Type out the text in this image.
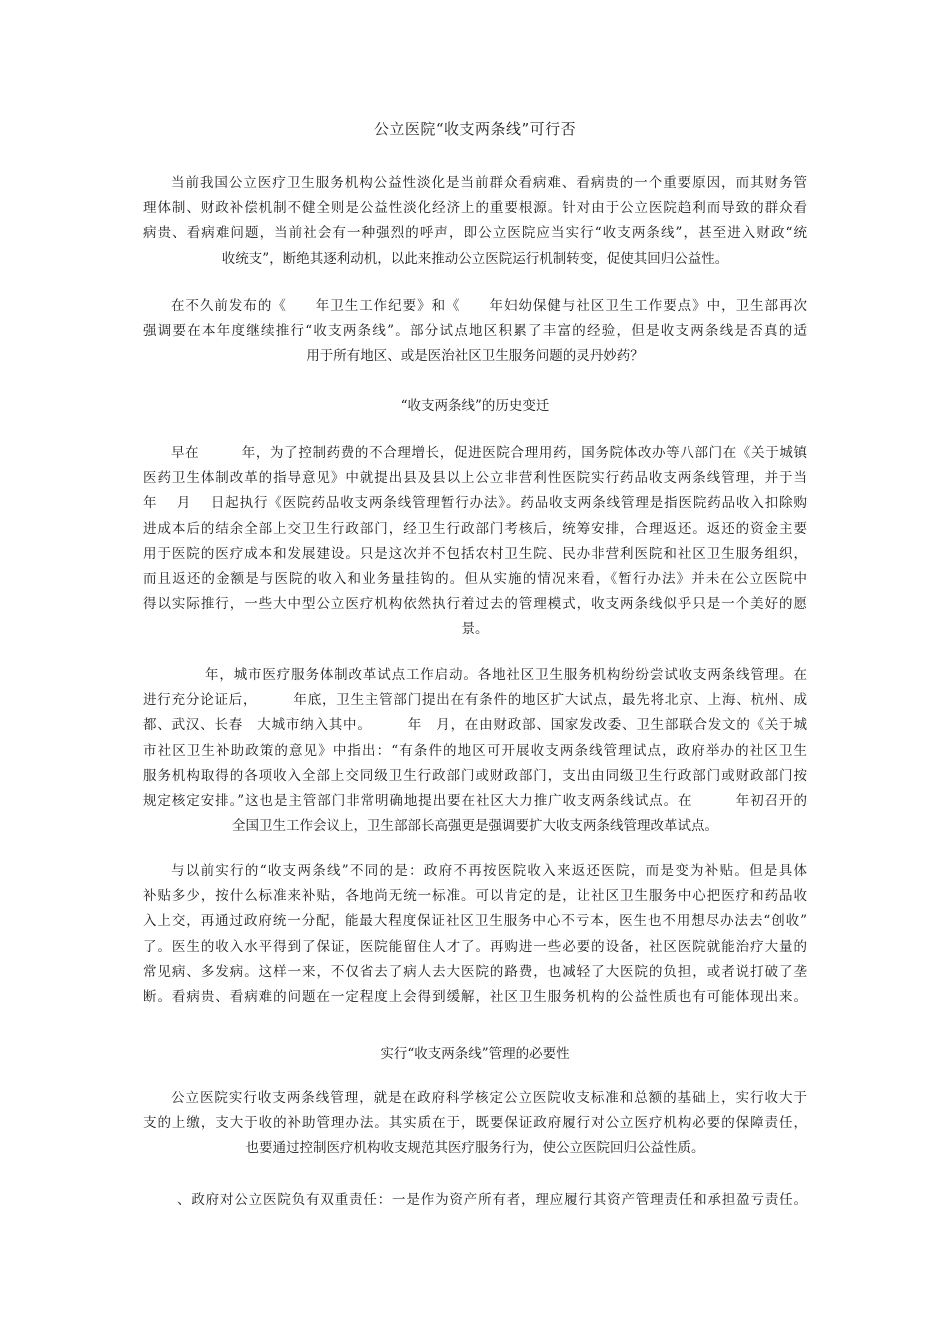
公立医院“收支两条线”可行否
当前我国公立医疗卫生服务机构公益性淡化是当前群众看病难、看病贵的一个重要原因，而其财务管
理体制、财政补偿机制不健全则是公益性淡化经济上的重要根源。针对由于公立医院趋利而导致的群众看
病贵、看病难问题，当前社会有一种强烈的呼声，即公立医院应当实行“收支两条线”，甚至进入财政“统
收统支”，断绝其逐利动机，以此来推动公立医院运行机制转变，促使其回归公益性。
在不久前发布的《　　年卫生工作纪要》和《　　年妇幼保健与社区卫生工作要点》中，卫生部再次
强调要在本年度继续推行“收支两条线”。部分试点地区积累了丰富的经验，但是收支两条线是否真的适
用于所有地区、或是医治社区卫生服务问题的灵丹妙药？
“收支两条线”的历史变迁
早在　　　年，为了控制药费的不合理增长，促进医院合理用药，国务院体改办等八部门在《关于城镇
医药卫生体制改革的指导意见》中就提出县及县以上公立非营利性医院实行药品收支两条线管理，并于当
年　 月　 日起执行《医院药品收支两条线管理暂行办法》。药品收支两条线管理是指医院药品收入扣除购
进成本后的结余全部上交卫生行政部门，经卫生行政部门考核后，统筹安排，合理返还。返还的资金主要
用于医院的医疗成本和发展建设。只是这次并不包括农村卫生院、民办非营利医院和社区卫生服务组织，
而且返还的金额是与医院的收入和业务量挂钩的。但从实施的情况来看，《暂行办法》并未在公立医院中
得以实际推行，一些大中型公立医疗机构依然执行着过去的管理模式，收支两条线似乎只是一个美好的愿
景。
年，城市医疗服务体制改革试点工作启动。各地社区卫生服务机构纷纷尝试收支两条线管理。在
进行充分论证后，　　　年底，卫生主管部门提出在有条件的地区扩大试点，最先将北京、上海、杭州、成
都、武汉、长春　大城市纳入其中。　　　年　月，在由财政部、国家发改委、卫生部联合发文的《关于城
市社区卫生补助政策的意见》中指出：“有条件的地区可开展收支两条线管理试点，政府举办的社区卫生
服务机构取得的各项收入全部上交同级卫生行政部门或财政部门，支出由同级卫生行政部门或财政部门按
规定核定安排。”这也是主管部门非常明确地提出要在社区大力推广收支两条线试点。在　　　年初召开的
全国卫生工作会议上，卫生部部长高强更是强调要扩大收支两条线管理改革试点。
与以前实行的“收支两条线”不同的是：政府不再按医院收入来返还医院，而是变为补贴。但是具体
补贴多少，按什么标准来补贴，各地尚无统一标准。可以肯定的是，让社区卫生服务中心把医疗和药品收
入上交，再通过政府统一分配，能最大程度保证社区卫生服务中心不亏本，医生也不用想尽办法去“创收”
了。医生的收入水平得到了保证，医院能留住人才了。再购进一些必要的设备，社区医院就能治疗大量的
常见病、多发病。这样一来，不仅省去了病人去大医院的路费，也减轻了大医院的负担，或者说打破了垄
断。看病贵、看病难的问题在一定程度上会得到缓解，社区卫生服务机构的公益性质也有可能体现出来。
实行“收支两条线”管理的必要性
公立医院实行收支两条线管理，就是在政府科学核定公立医院收支标准和总额的基础上，实行收大于
支的上缴，支大于收的补助管理办法。其实质在于，既要保证政府履行对公立医疗机构必要的保障责任，
也要通过控制医疗机构收支规范其医疗服务行为，使公立医院回归公益性质。
、政府对公立医院负有双重责任：一是作为资产所有者，理应履行其资产管理责任和承担盈亏责任。
